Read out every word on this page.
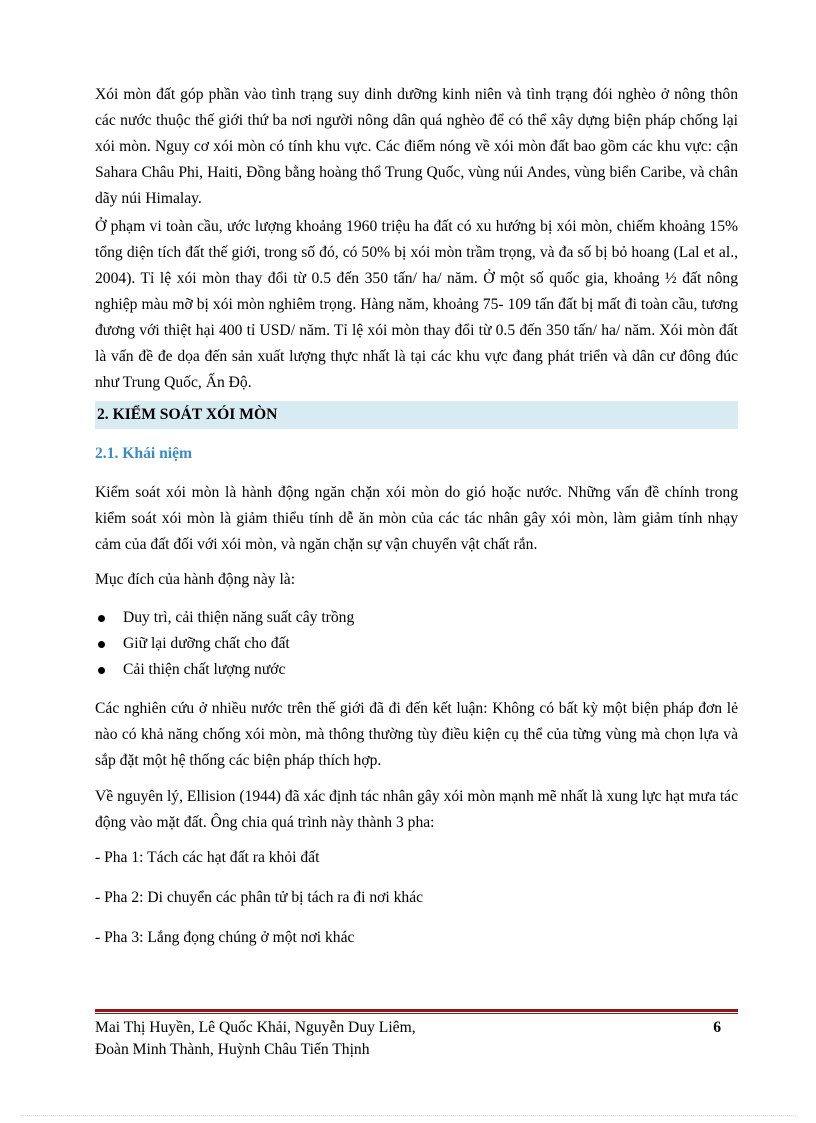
Xói mòn đất góp phần vào tình trạng suy dinh dưỡng kinh niên và tình trạng đói nghèo ở nông thôn các nước thuộc thế giới thứ ba nơi người nông dân quá nghèo để có thể xây dựng biện pháp chống lại xói mòn. Nguy cơ xói mòn có tính khu vực. Các điểm nóng về xói mòn đất bao gồm các khu vực: cận Sahara Châu Phi, Haiti, Đồng bằng hoàng thổ Trung Quốc, vùng núi Andes, vùng biển Caribe, và chân dãy núi Himalay.

Ở phạm vi toàn cầu, ước lượng khoảng 1960 triệu ha đất có xu hướng bị xói mòn, chiếm khoảng 15% tổng diện tích đất thế giới, trong số đó, có 50% bị xói mòn trầm trọng, và đa số bị bỏ hoang (Lal et al., 2004). Tỉ lệ xói mòn thay đổi từ 0.5 đến 350 tấn/ ha/ năm. Ở một số quốc gia, khoảng ½ đất nông nghiệp màu mỡ bị xói mòn nghiêm trọng. Hàng năm, khoảng 75- 109 tấn đất bị mất đi toàn cầu, tương đương với thiệt hại 400 tỉ USD/ năm. Tỉ lệ xói mòn thay đổi từ 0.5 đến 350 tấn/ ha/ năm. Xói mòn đất là vấn đề đe dọa đến sản xuất lượng thực nhất là tại các khu vực đang phát triển và dân cư đông đúc như Trung Quốc, Ấn Độ.

2. KIỂM SOÁT XÓI MÒN
2.1. Khái niệm

Kiểm soát xói mòn là hành động ngăn chặn xói mòn do gió hoặc nước. Những vấn đề chính trong kiểm soát xói mòn là giảm thiểu tính dễ ăn mòn của các tác nhân gây xói mòn, làm giảm tính nhạy cảm của đất đối với xói mòn, và ngăn chặn sự vận chuyển vật chất rắn.

Mục đích của hành động này là:

Duy trì, cải thiện năng suất cây trồng
Giữ lại dưỡng chất cho đất
Cải thiện chất lượng nước

Các nghiên cứu ở nhiều nước trên thế giới đã đi đến kết luận: Không có bất kỳ một biện pháp đơn lẻ nào có khả năng chống xói mòn, mà thông thường tùy điều kiện cụ thể của từng vùng mà chọn lựa và sắp đặt một hệ thống các biện pháp thích hợp.

Về nguyên lý, Ellision (1944) đã xác định tác nhân gây xói mòn mạnh mẽ nhất là xung lực hạt mưa tác động vào mặt đất. Ông chia quá trình này thành 3 pha:

- Pha 1: Tách các hạt đất ra khỏi đất

- Pha 2: Di chuyển các phân tử bị tách ra đi nơi khác

- Pha 3: Lắng đọng chúng ở một nơi khác

Mai Thị Huyền, Lê Quốc Khải, Nguyễn Duy Liêm,
Đoàn Minh Thành, Huỳnh Châu Tiến Thịnh
6
